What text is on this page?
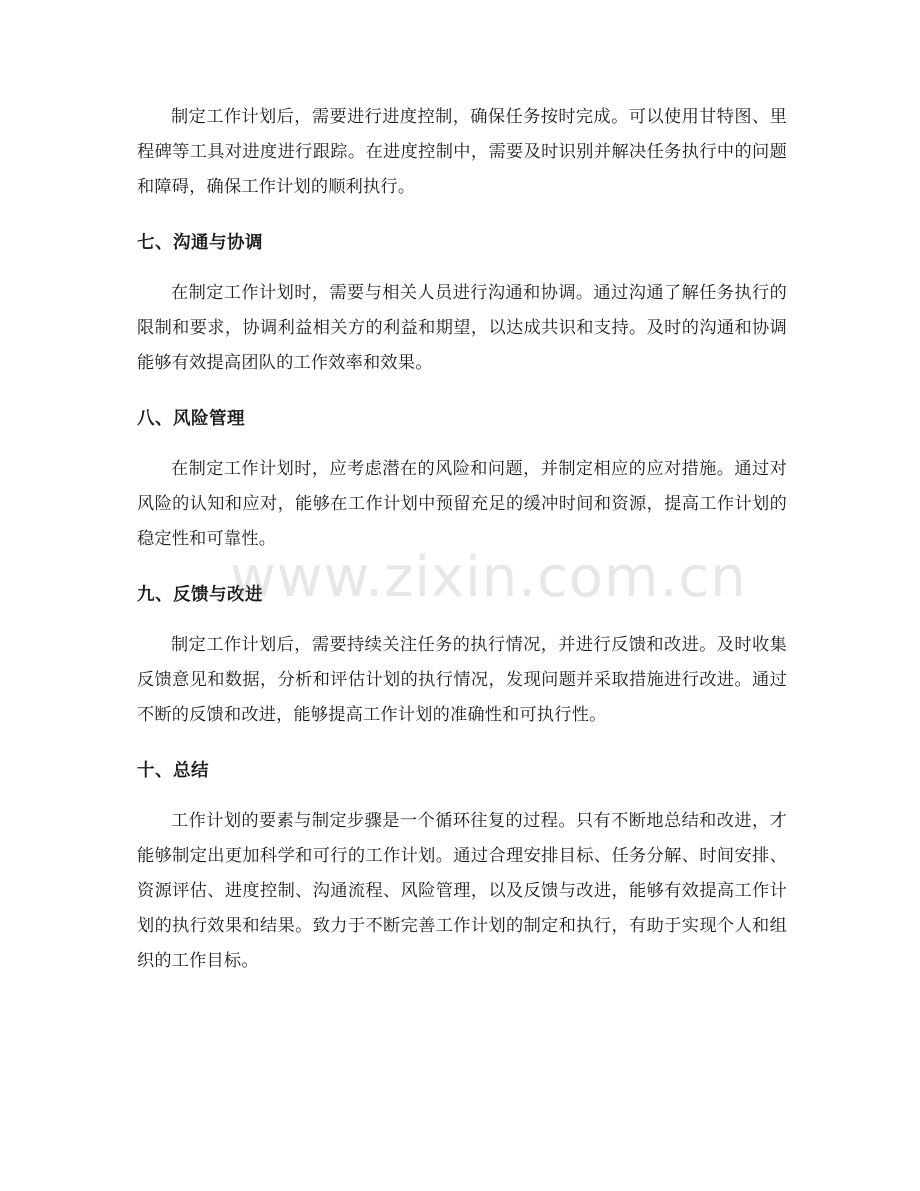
制定工作计划后，需要进行进度控制，确保任务按时完成。可以使用甘特图、里程碑等工具对进度进行跟踪。在进度控制中，需要及时识别并解决任务执行中的问题和障碍，确保工作计划的顺利执行。

七、沟通与协调

在制定工作计划时，需要与相关人员进行沟通和协调。通过沟通了解任务执行的限制和要求，协调利益相关方的利益和期望，以达成共识和支持。及时的沟通和协调能够有效提高团队的工作效率和效果。

八、风险管理

在制定工作计划时，应考虑潜在的风险和问题，并制定相应的应对措施。通过对风险的认知和应对，能够在工作计划中预留充足的缓冲时间和资源，提高工作计划的稳定性和可靠性。

九、反馈与改进

制定工作计划后，需要持续关注任务的执行情况，并进行反馈和改进。及时收集反馈意见和数据，分析和评估计划的执行情况，发现问题并采取措施进行改进。通过不断的反馈和改进，能够提高工作计划的准确性和可执行性。

十、总结

工作计划的要素与制定步骤是一个循环往复的过程。只有不断地总结和改进，才能够制定出更加科学和可行的工作计划。通过合理安排目标、任务分解、时间安排、资源评估、进度控制、沟通流程、风险管理，以及反馈与改进，能够有效提高工作计划的执行效果和结果。致力于不断完善工作计划的制定和执行，有助于实现个人和组织的工作目标。

www.zixin.com.cn
